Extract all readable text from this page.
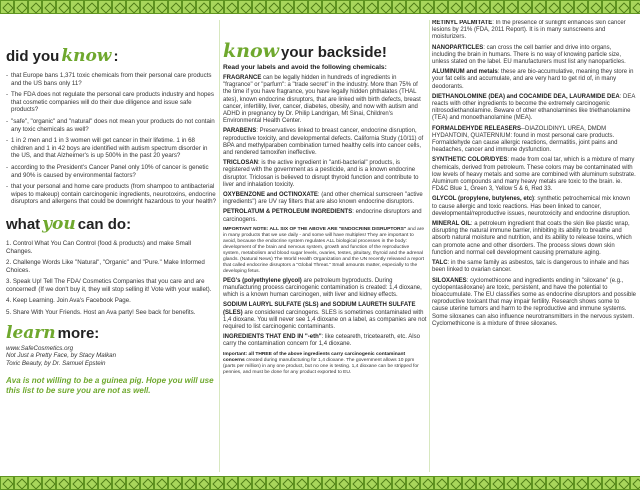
did you know :
- that Europe bans 1,371 toxic chemicals from their personal care products and the US bans only 11?
- The FDA does not regulate the personal care products industry and hopes that cosmetic companies will do their due diligence and issue safe products?
- "safe", "organic" and "natural" does not mean your products do not contain any toxic chemicals as well?
- 1 in 2 men and 1 in 3 women will get cancer in their lifetime. 1 in 68 children and 1 in 42 boys are identified with autism spectrum disorder in the US, and that Alzheimer's is up 500% in the past 20 years?
- according to the President's Cancer Panel only 10% of cancer is genetic and 90% is caused by environmental factors?
- that your personal and home care products (from shampoo to antibacterial wipes to makeup) contain carcinogenic ingredients, neurotoxins, endocrine disruptors and allergens that could be downright hazardous to your health?
what you can do:
1. Control What You Can Control (food & products) and make Small Changes.
2. Challenge Words Like "Natural", "Organic" and "Pure." Make Informed Choices.
3. Speak Up! Tell The FDA/ Cosmetics Companies that you care and are concerned! (If we don't buy it, they will stop selling it! Vote with your wallet).
4. Keep Learning. Join Ava's Facebook Page.
5. Share With Your Friends. Host an Ava party! See back for benefits.
learn more:
www.SafeCosmetics.org
Not Just a Pretty Face, by Stacy Malkan
Toxic Beauty, by Dr. Samuel Epstein
Ava is not willing to be a guinea pig. Hope you will use this list to be sure you are not as well.
know your backside!
Read your labels and avoid the following chemicals:

FRAGRANCE can be legally hidden in hundreds of ingredients in "fragrance" or "parfum": a "trade secret" in the industry. More than 75% of the time if you have fragrance, you have legally hidden phthalates (THAL ates), known endocrine disruptors, that are linked with birth defects, breast cancer, infertility, liver, cancer, diabetes, obesity, and now with autism and ADHD in pregnancy by Dr. Philip Landrigan, Mt Sinai, Children's Environmental Health Center.

PARABENS: Preservatives linked to breast cancer, endocrine disruption, reproductive toxicity, and developmental defects. California Study (10/11) of BPA and methylparaben combination turned healthy cells into cancer cells, and rendered tamoxifen ineffective.

TRICLOSAN: is the active ingredient in "anti-bacterial" products, is registered with the government as a pesticide, and is a known endocrine disruptor. Triclosan is believed to disrupt thyroid function and contribute to liver and inhalation toxicity.

OXYBENZONE and OCTINOXATE: (and other chemical sunscreen "active ingredients") are UV ray filters that are also known endocrine disruptors.

PETROLATUM & PETROLEUM INGREDIENTS: endocrine disruptors and carcinogens.

IMPORTANT NOTE: ALL SIX OF THE ABOVE ARE "ENDOCRINE DISRUPTORS" and are in many products that we use daily - and some will have multiples! They are important to avoid, because the endocrine system regulates ALL biological processes in the body: development of the brain and nervous system, growth and function of the reproductive system, metabolism and blood sugar levels, ovaries, testes, pituitary, thyroid and the adrenal glands. (Natural News) The World Health Organization and the UN recently released a report that called endocrine disruptors a "Global Threat." Small amounts matter, especially to the developing fetus.

PEG's (polyethylene glycol) are petroleum byproducts. During manufacturing process carcinogenic contamination is created: 1,4 dioxane, which is a known human carcinogen, with liver and kidney effects.

SODIUM LAURYL SULFATE (SLS) and SODIUM LAURETH SULFATE (SLES) are considered carcinogens. SLES is sometimes contaminated with 1,4 dioxane. You will never see 1,4 dioxane on a label, as companies are not required to list carcinogenic contaminants.

INGREDIENTS THAT END IN "-eth": like ceteareth, triceteareth, etc. Also carry the contamination concern for 1,4 dioxane.

Important: all THREE of the above ingredients carry carcinogenic contaminant concerns created during manufacturing for 1,4 dioxane. The government allows 10 ppm (parts per million) in any one product, but no one is testing. 1,4 dioxane can be stripped for pennies, and must be done for any product exported to EU.

RETINYL PALMITATE: In the presence of sunlight enhances skin cancer lesions by 21% (FDA, 2011 Report). It is in many sunscreens and moisturizers.

NANOPARTICLES: can cross the cell barrier and drive into organs, including the brain in humans. There is no way of knowing particle size, unless stated on the label. EU manufacturers must list any nanoparticles.

ALUMINUM and metals: these are bio-accumulative, meaning they store in your fat cells and accumulate, and are very hard to get rid of, in many deodorants.

DIETHANOLOMINE (DEA) and COCAMIDE DEA, LAURAMIDE DEA: DEA reacts with other ingredients to become the extremely carcinogenic nitrosodiethanolamine. Beware of other ethanolamines like triethanolamine (TEA) and monoethanolamine (MEA).

FORMALDEHYDE RELEASERS--DIAZOLIDINYL UREA, DMDM HYDANTOIN, QUATERNIUM: found in most personal care products. Formaldehyde can cause allergic reactions, dermatitis, joint pains and headaches, cancer and immune dysfunction.

SYNTHETIC COLOR/DYES: made from coal tar, which is a mixture of many chemicals, derived from petroleum. These colors may be contaminated with low levels of heavy metals and some are combined with aluminum substrate. Aluminum compounds and many heavy metals are toxic to the brain. ie. FD&C Blue 1, Green 3, Yellow 5 & 6, Red 33.

GLYCOL (propylene, butylenes, etc): synthetic petrochemical mix known to cause allergic and toxic reactions. Has been linked to cancer, developmental/reproductive issues, neurotoxicity and endocrine disruption.

MINERAL OIL: a petroleum ingredient that coats the skin like plastic wrap, disrupting the natural immune barrier, inhibiting its ability to breathe and absorb natural moisture and nutrition, and its ability to release toxins, which can promote acne and other disorders. The process slows down skin function and normal cell development causing premature aging.

TALC: in the same family as asbestos, talc is dangerous to inhale and has been linked to ovarian cancer.

SILOXANES: cyclomethicone and ingredients ending in "siloxane" (e.g., cyclopentasiloxane) are toxic, persistent, and have the potential to bioaccumulate. The EU classifies some as endocrine disruptors and possible reproductive toxicant that may impair fertility. Research shows some to cause uterine tumors and harm to the reproductive and immune systems. Some siloxanes can also influence neurotransmitters in the nervous system. Cyclomethicone is a mixture of three siloxanes.
